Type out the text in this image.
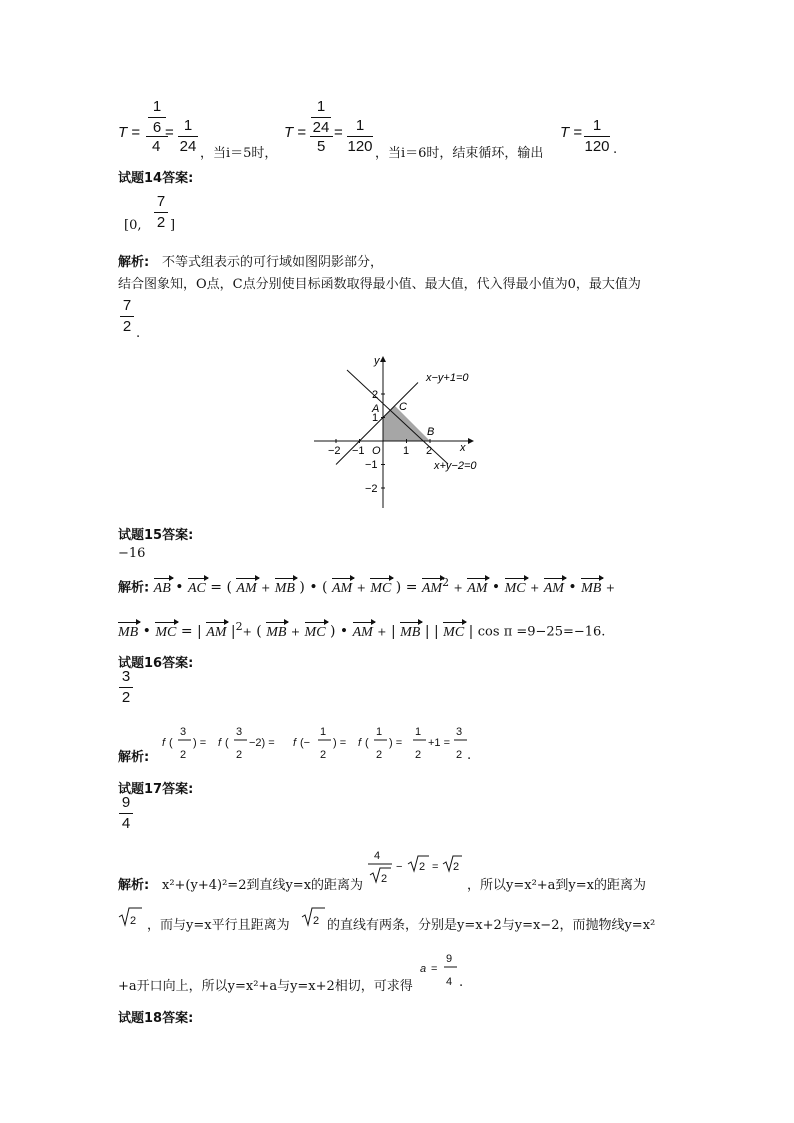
T =
1
6
4
= 1
24 ，当i＝5时，
T =
1
24
5
= 1
120 ，当i＝6时，结束循环，输出
T = 1
120 .
试题14答案:
[0,
7
2 ]
解析: 不等式组表示的可行域如图阴影部分，
结合图象知，O点，C点分别使目标函数取得最小值、最大值，代入得最小值为0，最大值为
7
2 .
y
x
O
x−y+1=0
x+y−2=0
A C
B
−2 −1	1 2
2
1
−1
−2
试题15答案:
−16
解析: AB • AC = ( AM + MB ) • ( AM + MC ) = $AM^2$ + AM • MC + AM • MB +
MB • MC = | AM $|^2+$ ( MB + MC ) • AM + | MB | | MC | cos π =9−25=−16.
试题16答案:
3
2
解析:
f (
3
2
) = f (
3
2
−2) = f (−
1
2
) = f (
1
2
) =
1
2
+1 =
3
2 .
试题17答案:
9
4
解析: x²+(y+4)²=2到直线y=x的距离为
4
2
− 2 = 2
，所以y=x²+a到y=x的距离为
2 ，而与y=x平行且距离为 2 的直线有两条，分别是y=x+2与y=x−2，而抛物线y=x²
+a开口向上，所以y=x²+a与y=x+2相切，可求得
a =
9
4 .
试题18答案:
